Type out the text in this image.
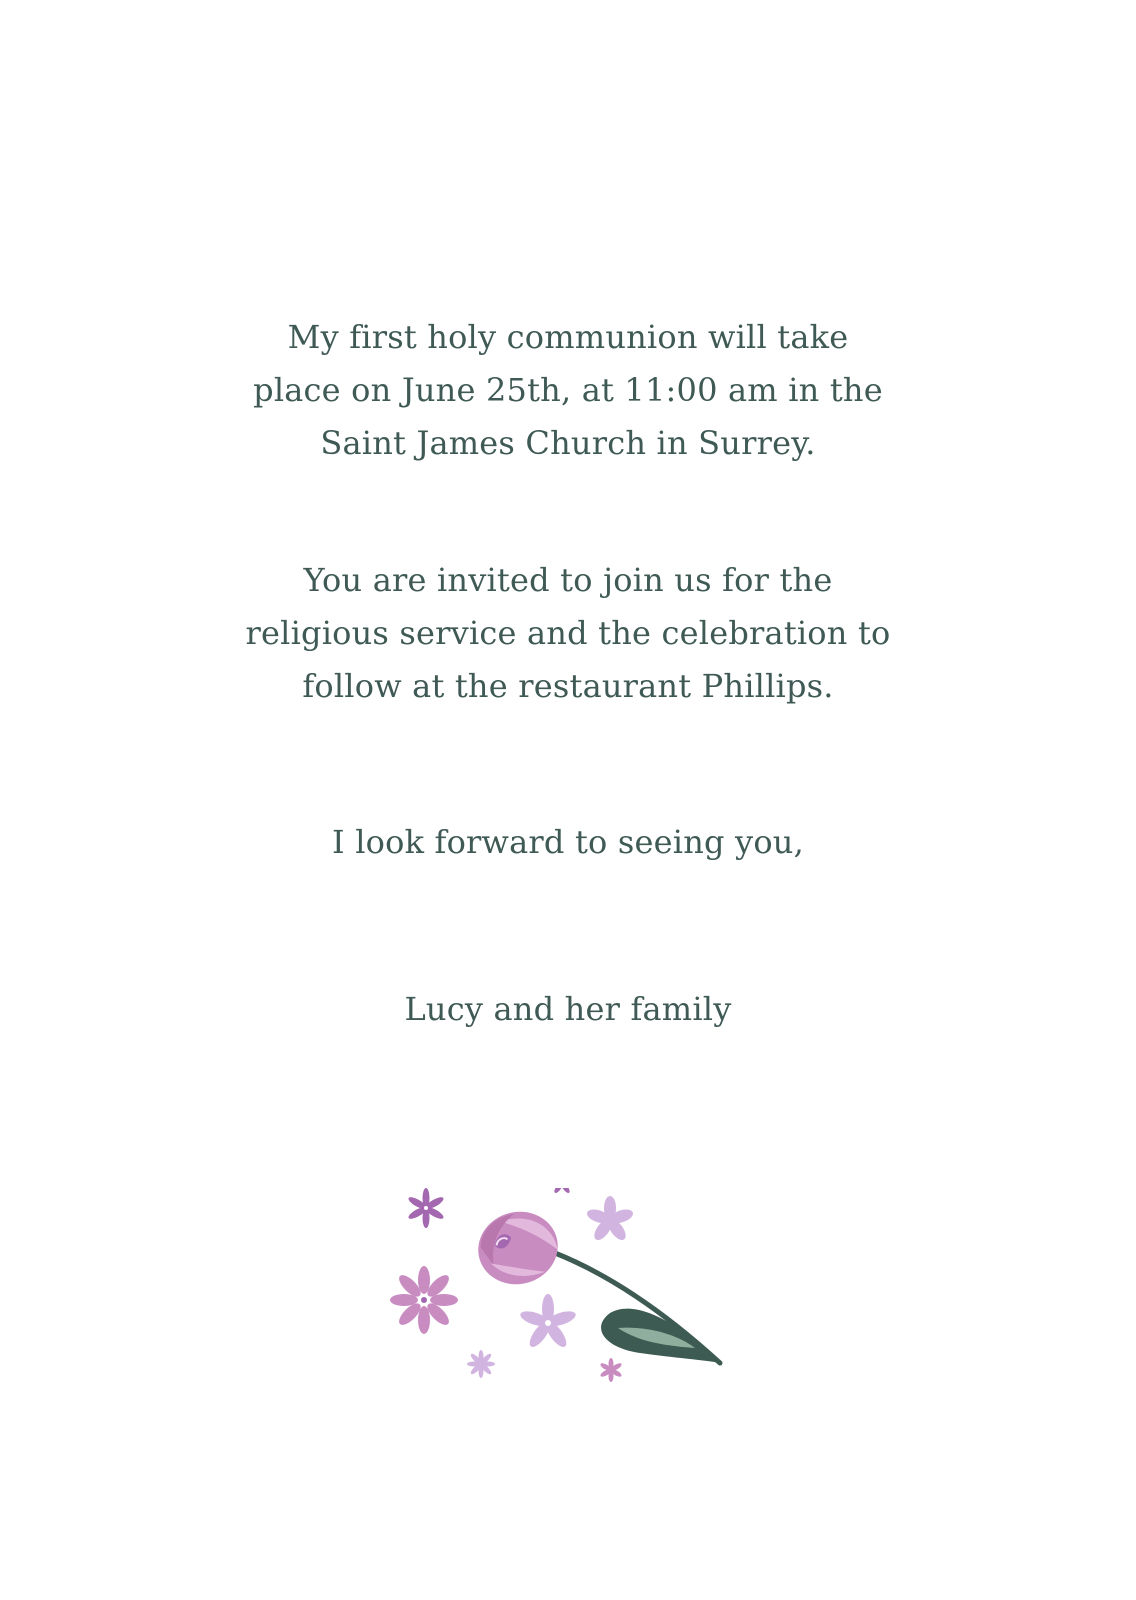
My first holy communion will take
place on June 25th, at 11:00 am in the
Saint James Church in Surrey.
You are invited to join us for the
religious service and the celebration to
follow at the restaurant Phillips.
I look forward to seeing you,
Lucy and her family
